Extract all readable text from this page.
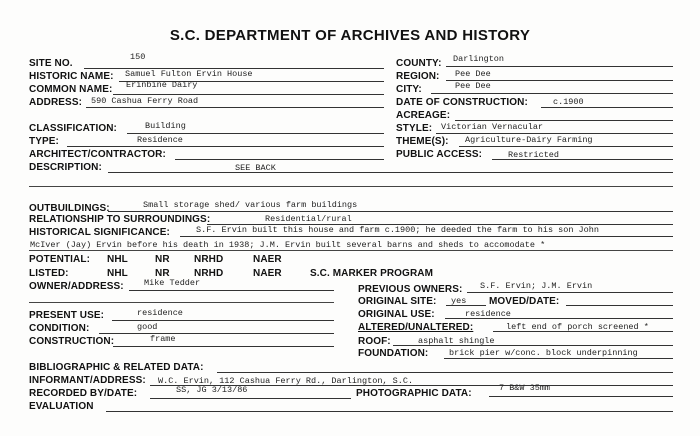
S.C. DEPARTMENT OF ARCHIVES AND HISTORY
SITE NO.
150
HISTORIC NAME: Samuel Fulton Ervin House
COMMON NAME: Erinbine Dairy
ADDRESS: 590 Cashua Ferry Road
CLASSIFICATION:	Building
TYPE:	Residence
ARCHITECT/CONTRACTOR:
DESCRIPTION:	SEE BACK
COUNTY: Darlington
REGION: Pee Dee
CITY:	Pee Dee
DATE OF CONSTRUCTION:	c.1900
ACREAGE:
STYLE: Victorian Vernacular
THEME(S): Agriculture-Dairy Farming
PUBLIC ACCESS:	Restricted
OUTBUILDINGS:	Small storage shed/ various farm buildings
RELATIONSHIP TO SURROUNDINGS:	Residential/rural
HISTORICAL SIGNIFICANCE:	S.F. Ervin built this house and farm c.1900; he deeded the farm to his son John
McIver (Jay) Ervin before his death in 1938; J.M. Ervin built several barns and sheds to accomodate *
POTENTIAL: NHL	NR NRHD	NAER
LISTED:	NHL	NR NRHD	NAER	S.C. MARKER PROGRAM
OWNER/ADDRESS: Mike Tedder
PREVIOUS OWNERS: S.F. Ervin; J.M. Ervin
ORIGINAL SITE: yes MOVED/DATE:
PRESENT USE:	residence	ORIGINAL USE:	residence
CONDITION:	good	ALTERED/UNALTERED:	left end of porch screened *
CONSTRUCTION:	frame	ROOF:	asphalt shingle
FOUNDATION: brick pier w/conc. block underpinning
BIBLIOGRAPHIC & RELATED DATA:
INFORMANT/ADDRESS: W.C. Ervin, 112 Cashua Ferry Rd., Darlington, S.C.
RECORDED BY/DATE:	SS, JG 3/13/86	PHOTOGRAPHIC DATA:	7 B&W 35mm
EVALUATION
